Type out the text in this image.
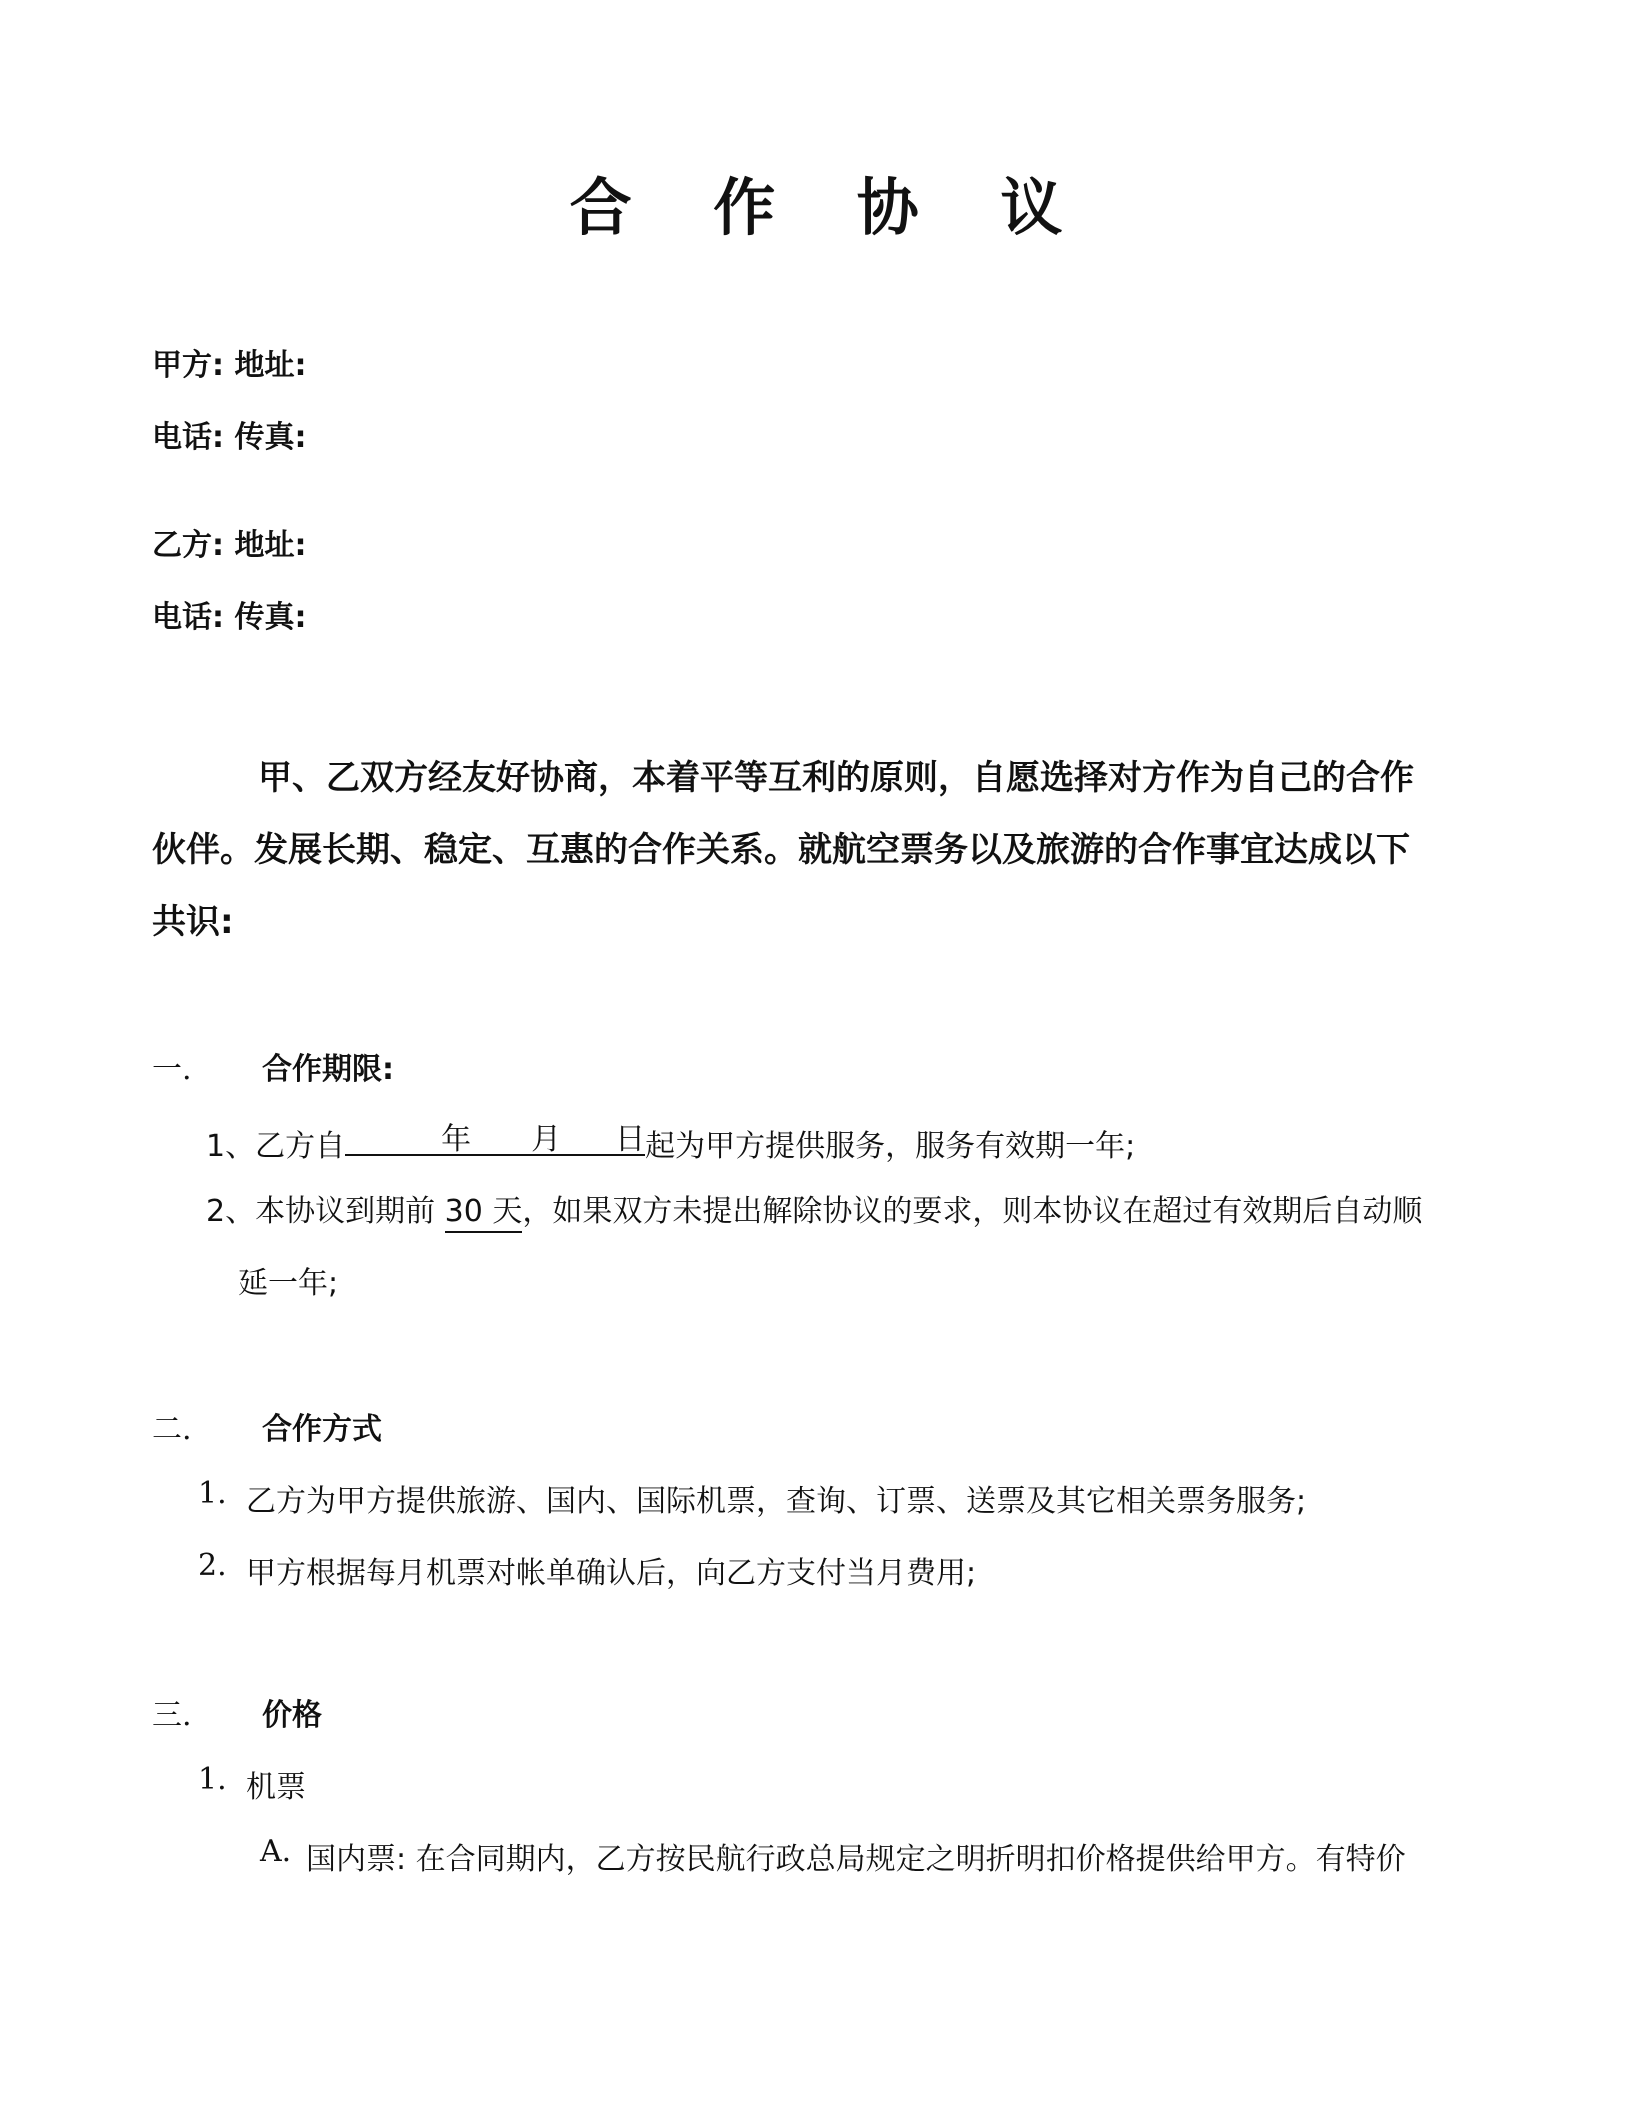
合 作 协 议
甲方: 地址:
电话: 传真:
乙方: 地址:
电话: 传真:
甲、乙双方经友好协商，本着平等互利的原则，自愿选择对方作为自己的合作
伙伴。发展长期、稳定、互惠的合作关系。就航空票务以及旅游的合作事宜达成以下
共识:
一. 合作期限:
1、乙方自	年 月 日 起为甲方提供服务，服务有效期一年;
2、本协议到期前 30 天，如果双方未提出解除协议的要求，则本协议在超过有效期后自动顺
延一年;
二. 合作方式
1. 乙方为甲方提供旅游、国内、国际机票，查询、订票、送票及其它相关票务服务;
2. 甲方根据每月机票对帐单确认后，向乙方支付当月费用;
三. 价格
1. 机票
A. 国内票: 在合同期内，乙方按民航行政总局规定之明折明扣价格提供给甲方。有特价
